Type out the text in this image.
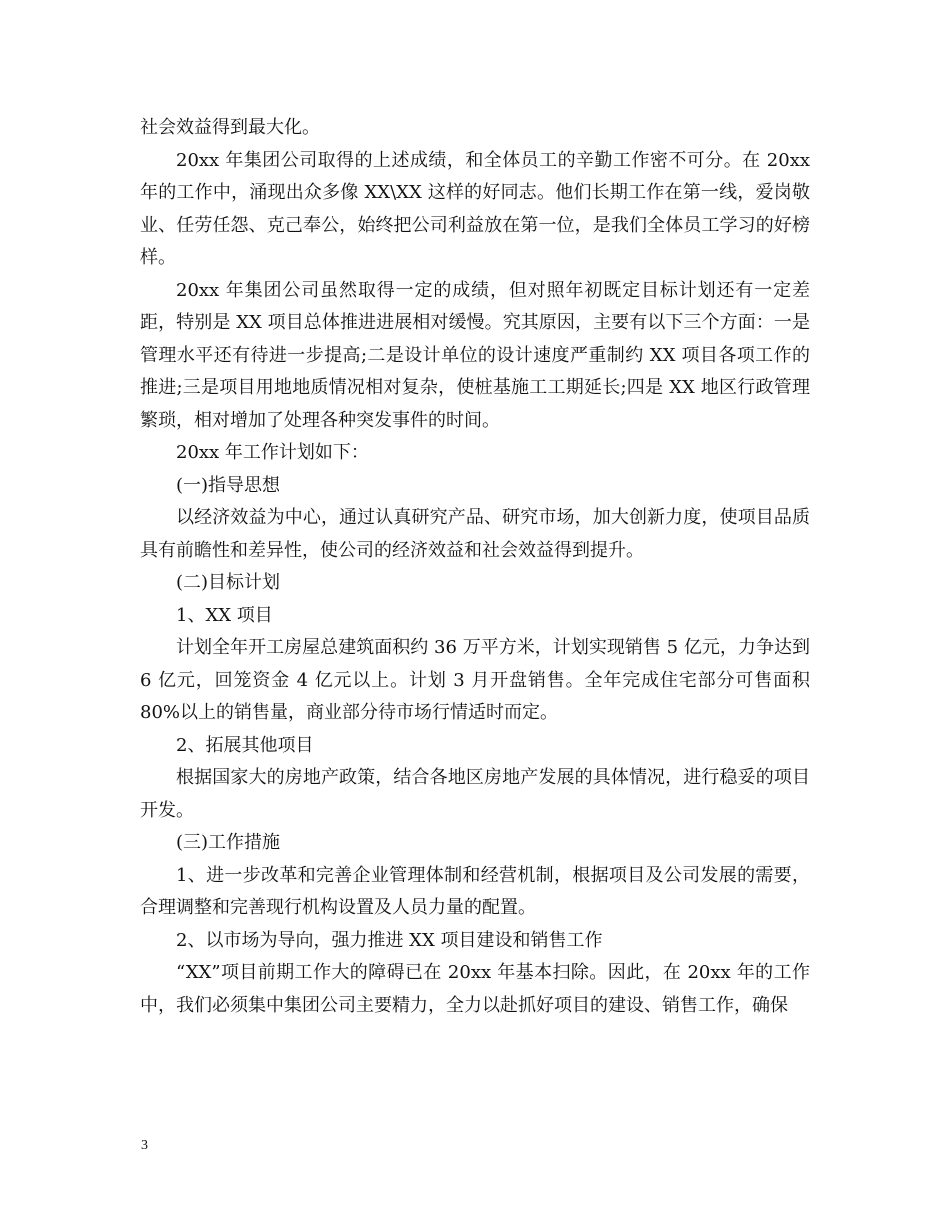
社会效益得到最大化。

20xx 年集团公司取得的上述成绩，和全体员工的辛勤工作密不可分。在 20xx 年的工作中，涌现出众多像 XX\XX 这样的好同志。他们长期工作在第一线，爱岗敬业、任劳任怨、克己奉公，始终把公司利益放在第一位，是我们全体员工学习的好榜样。

20xx 年集团公司虽然取得一定的成绩，但对照年初既定目标计划还有一定差距，特别是 XX 项目总体推进进展相对缓慢。究其原因，主要有以下三个方面：一是管理水平还有待进一步提高;二是设计单位的设计速度严重制约 XX 项目各项工作的推进;三是项目用地地质情况相对复杂，使桩基施工工期延长;四是 XX 地区行政管理繁琐，相对增加了处理各种突发事件的时间。

20xx 年工作计划如下：

(一)指导思想

以经济效益为中心，通过认真研究产品、研究市场，加大创新力度，使项目品质具有前瞻性和差异性，使公司的经济效益和社会效益得到提升。

(二)目标计划

1、XX 项目

计划全年开工房屋总建筑面积约 36 万平方米，计划实现销售 5 亿元，力争达到 6 亿元，回笼资金 4 亿元以上。计划 3 月开盘销售。全年完成住宅部分可售面积 80%以上的销售量，商业部分待市场行情适时而定。

2、拓展其他项目

根据国家大的房地产政策，结合各地区房地产发展的具体情况，进行稳妥的项目开发。

(三)工作措施

1、进一步改革和完善企业管理体制和经营机制，根据项目及公司发展的需要，合理调整和完善现行机构设置及人员力量的配置。

2、以市场为导向，强力推进 XX 项目建设和销售工作

“XX”项目前期工作大的障碍已在 20xx 年基本扫除。因此，在 20xx 年的工作中，我们必须集中集团公司主要精力，全力以赴抓好项目的建设、销售工作，确保

3
